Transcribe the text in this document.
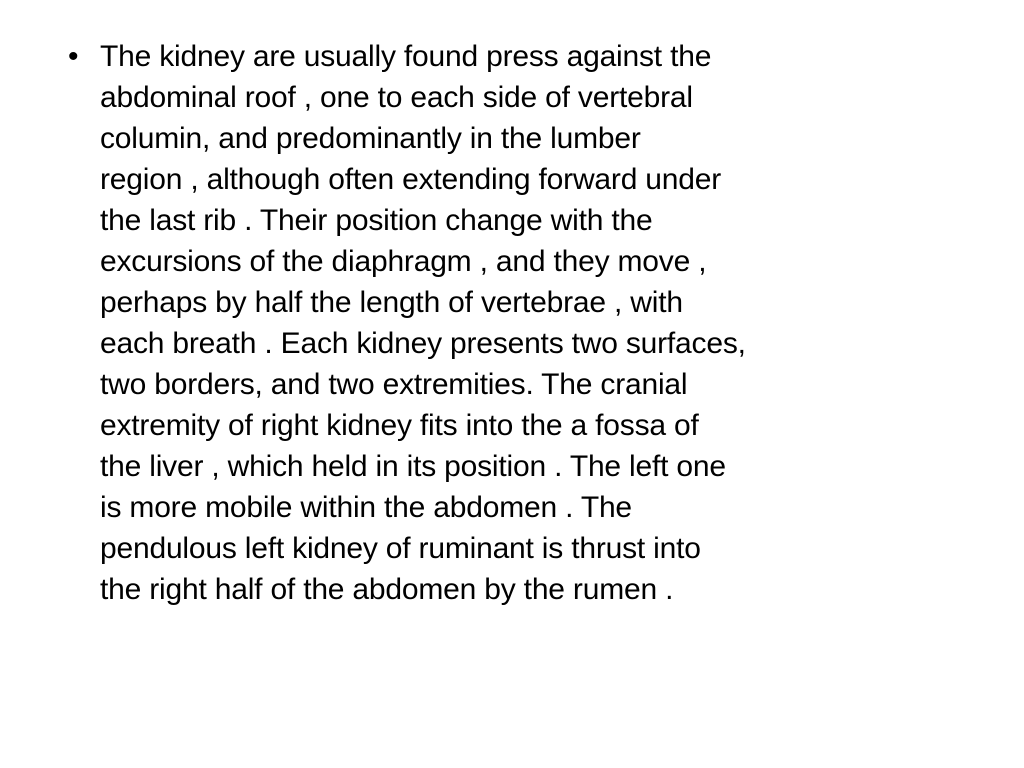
• The kidney are usually found press against the
abdominal roof , one to each side of vertebral
columin, and predominantly in the lumber
region , although often extending forward under
the last rib . Their position change with the
excursions of the diaphragm , and they move ,
perhaps by half the length of vertebrae , with
each breath . Each kidney presents two surfaces,
two borders, and two extremities. The cranial
extremity of right kidney fits into the a fossa of
the liver , which held in its position . The left one
is more mobile within the abdomen . The
pendulous left kidney of ruminant is thrust into
the right half of the abdomen by the rumen .
